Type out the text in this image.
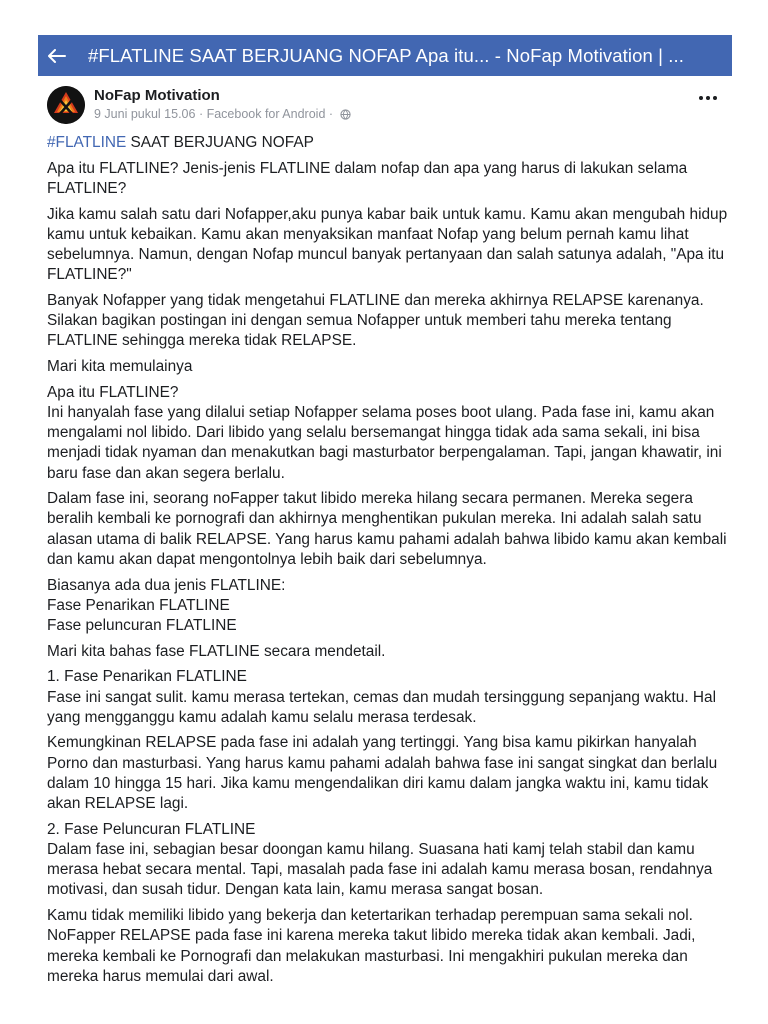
#FLATLINE SAAT BERJUANG NOFAP Apa itu... - NoFap Motivation | ...
NoFap Motivation
9 Juni pukul 15.06 · Facebook for Android ·

#FLATLINE SAAT BERJUANG NOFAP

Apa itu FLATLINE? Jenis-jenis FLATLINE dalam nofap dan apa yang harus di lakukan selama FLATLINE?

Jika kamu salah satu dari Nofapper,aku punya kabar baik untuk kamu. Kamu akan mengubah hidup kamu untuk kebaikan. Kamu akan menyaksikan manfaat Nofap yang belum pernah kamu lihat sebelumnya. Namun, dengan Nofap muncul banyak pertanyaan dan salah satunya adalah, "Apa itu FLATLINE?"

Banyak Nofapper yang tidak mengetahui FLATLINE dan mereka akhirnya RELAPSE karenanya. Silakan bagikan postingan ini dengan semua Nofapper untuk memberi tahu mereka tentang FLATLINE sehingga mereka tidak RELAPSE.

Mari kita memulainya

Apa itu FLATLINE?
Ini hanyalah fase yang dilalui setiap Nofapper selama poses boot ulang. Pada fase ini, kamu akan mengalami nol libido. Dari libido yang selalu bersemangat hingga tidak ada sama sekali, ini bisa menjadi tidak nyaman dan menakutkan bagi masturbator berpengalaman. Tapi, jangan khawatir, ini baru fase dan akan segera berlalu.

Dalam fase ini, seorang noFapper takut libido mereka hilang secara permanen. Mereka segera beralih kembali ke pornografi dan akhirnya menghentikan pukulan mereka. Ini adalah salah satu alasan utama di balik RELAPSE. Yang harus kamu pahami adalah bahwa libido kamu akan kembali dan kamu akan dapat mengontolnya lebih baik dari sebelumnya.

Biasanya ada dua jenis FLATLINE:
Fase Penarikan FLATLINE
Fase peluncuran FLATLINE

Mari kita bahas fase FLATLINE secara mendetail.

1. Fase Penarikan FLATLINE
Fase ini sangat sulit. kamu merasa tertekan, cemas dan mudah tersinggung sepanjang waktu. Hal yang mengganggu kamu adalah kamu selalu merasa terdesak.

Kemungkinan RELAPSE pada fase ini adalah yang tertinggi. Yang bisa kamu pikirkan hanyalah Porno dan masturbasi. Yang harus kamu pahami adalah bahwa fase ini sangat singkat dan berlalu dalam 10 hingga 15 hari. Jika kamu mengendalikan diri kamu dalam jangka waktu ini, kamu tidak akan RELAPSE lagi.

2. Fase Peluncuran FLATLINE
Dalam fase ini, sebagian besar doongan kamu hilang. Suasana hati kamj telah stabil dan kamu merasa hebat secara mental. Tapi, masalah pada fase ini adalah kamu merasa bosan, rendahnya motivasi, dan susah tidur. Dengan kata lain, kamu merasa sangat bosan.

Kamu tidak memiliki libido yang bekerja dan ketertarikan terhadap perempuan sama sekali nol. NoFapper RELAPSE pada fase ini karena mereka takut libido mereka tidak akan kembali. Jadi, mereka kembali ke Pornografi dan melakukan masturbasi. Ini mengakhiri pukulan mereka dan mereka harus memulai dari awal.
